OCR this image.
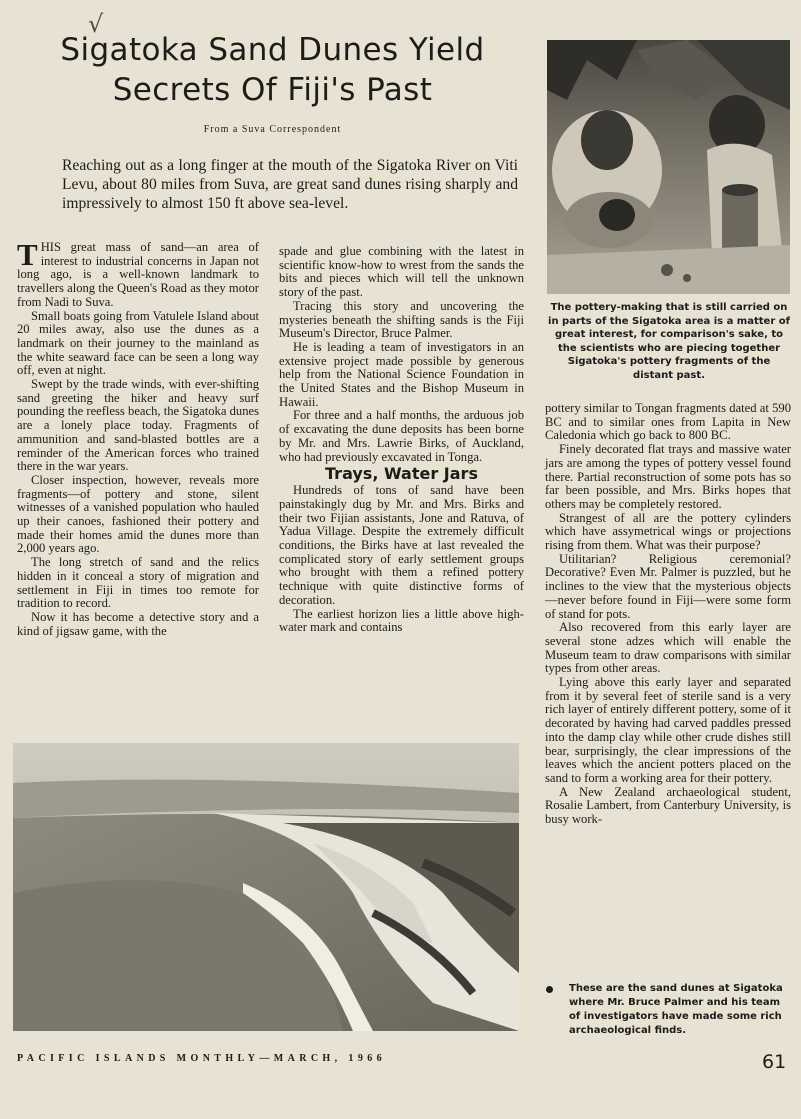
√
Sigatoka Sand Dunes Yield
Secrets Of Fiji's Past
From a Suva Correspondent
Reaching out as a long finger at the mouth of the Sigatoka River on Viti Levu, about 80 miles from Suva, are great sand dunes rising sharply and impressively to almost 150 ft above sea-level.

THIS great mass of sand—an area of interest to industrial concerns in Japan not long ago, is a well-known landmark to travellers along the Queen's Road as they motor from Nadi to Suva.

Small boats going from Vatulele Island about 20 miles away, also use the dunes as a landmark on their journey to the mainland as the white seaward face can be seen a long way off, even at night.

Swept by the trade winds, with ever-shifting sand greeting the hiker and heavy surf pounding the reefless beach, the Sigatoka dunes are a lonely place today. Fragments of ammunition and sand-blasted bottles are a reminder of the American forces who trained there in the war years.

Closer inspection, however, reveals more fragments—of pottery and stone, silent witnesses of a vanished population who hauled up their canoes, fashioned their pottery and made their homes amid the dunes more than 2,000 years ago.

The long stretch of sand and the relics hidden in it conceal a story of migration and settlement in Fiji in times too remote for tradition to record.

Now it has become a detective story and a kind of jigsaw game, with the

spade and glue combining with the latest in scientific know-how to wrest from the sands the bits and pieces which will tell the unknown story of the past.

Tracing this story and uncovering the mysteries beneath the shifting sands is the Fiji Museum's Director, Bruce Palmer.

He is leading a team of investigators in an extensive project made possible by generous help from the National Science Foundation in the United States and the Bishop Museum in Hawaii.

For three and a half months, the arduous job of excavating the dune deposits has been borne by Mr. and Mrs. Lawrie Birks, of Auckland, who had previously excavated in Tonga.

Trays, Water Jars

Hundreds of tons of sand have been painstakingly dug by Mr. and Mrs. Birks and their two Fijian assistants, Jone and Ratuva, of Yadua Village. Despite the extremely difficult conditions, the Birks have at last revealed the complicated story of early settlement groups who brought with them a refined pottery technique with quite distinctive forms of decoration.

The earliest horizon lies a little above high-water mark and contains

pottery similar to Tongan fragments dated at 590 BC and to similar ones from Lapita in New Caledonia which go back to 800 BC.

Finely decorated flat trays and massive water jars are among the types of pottery vessel found there. Partial reconstruction of some pots has so far been possible, and Mrs. Birks hopes that others may be completely restored.

Strangest of all are the pottery cylinders which have assymetrical wings or projections rising from them. What was their purpose?

Utilitarian? Religious ceremonial? Decorative? Even Mr. Palmer is puzzled, but he inclines to the view that the mysterious objects—never before found in Fiji—were some form of stand for pots.

Also recovered from this early layer are several stone adzes which will enable the Museum team to draw comparisons with similar types from other areas.

Lying above this early layer and separated from it by several feet of sterile sand is a very rich layer of entirely different pottery, some of it decorated by having had carved paddles pressed into the damp clay while other crude dishes still bear, surprisingly, the clear impressions of the leaves which the ancient potters placed on the sand to form a working area for their pottery.

A New Zealand archaeological student, Rosalie Lambert, from Canterbury University, is busy work-

The pottery-making that is still carried on in parts of the Sigatoka area is a matter of great interest, for comparison's sake, to the scientists who are piecing together Sigatoka's pottery fragments of the distant past.
These are the sand dunes at Sigatoka where Mr. Bruce Palmer and his team of investigators have made some rich archaeological finds.
PACIFIC ISLANDS MONTHLY—MARCH, 1966	61
